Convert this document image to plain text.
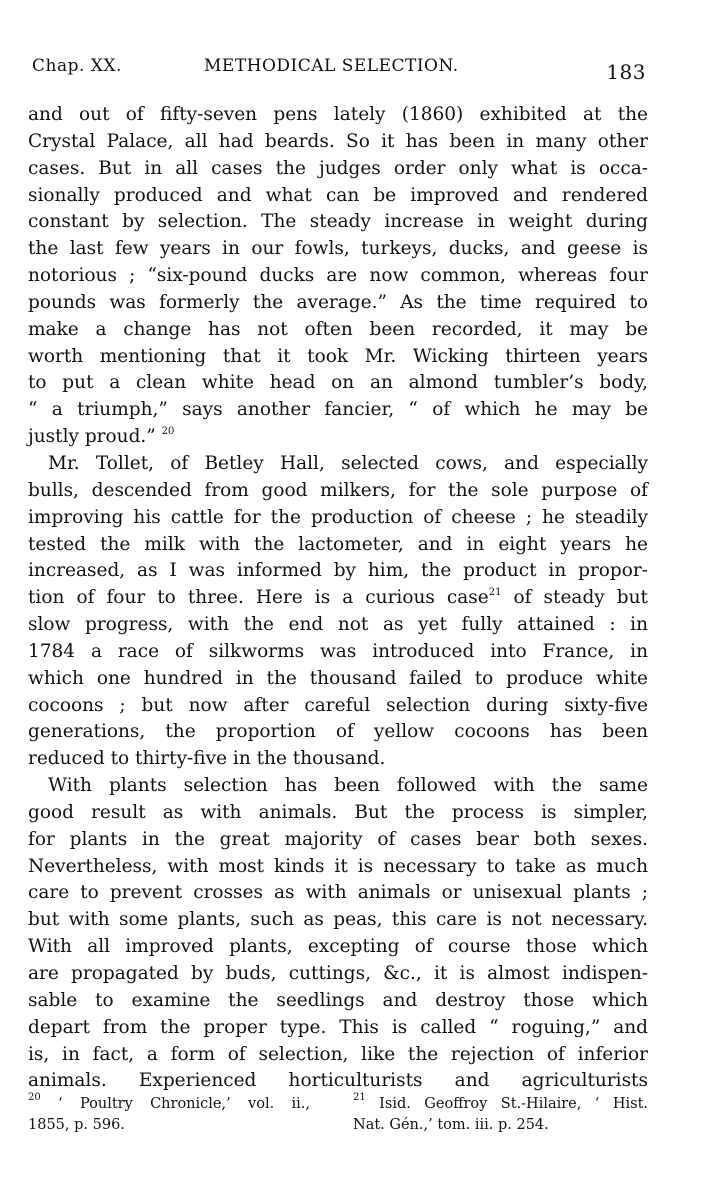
Chap. XX.	METHODICAL SELECTION.	183
and out of fifty-seven pens lately (1860) exhibited at the
Crystal Palace, all had beards. So it has been in many other
cases. But in all cases the judges order only what is occa-
sionally produced and what can be improved and rendered
constant by selection. The steady increase in weight during
the last few years in our fowls, turkeys, ducks, and geese is
notorious ; “six-pound ducks are now common, whereas four
pounds was formerly the average.” As the time required to
make a change has not often been recorded, it may be
worth mentioning that it took Mr. Wicking thirteen years
to put a clean white head on an almond tumbler’s body,
“ a triumph,” says another fancier, “ of which he may be
justly proud.” $^{20}$
Mr. Tollet, of Betley Hall, selected cows, and especially
bulls, descended from good milkers, for the sole purpose of
improving his cattle for the production of cheese ; he steadily
tested the milk with the lactometer, and in eight years he
increased, as I was informed by him, the product in propor-
tion of four to three. Here is a curious case$^{21}$ of steady but
slow progress, with the end not as yet fully attained : in
1784 a race of silkworms was introduced into France, in
which one hundred in the thousand failed to produce white
cocoons ; but now after careful selection during sixty-five
generations, the proportion of yellow cocoons has been
reduced to thirty-five in the thousand.
With plants selection has been followed with the same
good result as with animals. But the process is simpler,
for plants in the great majority of cases bear both sexes.
Nevertheless, with most kinds it is necessary to take as much
care to prevent crosses as with animals or unisexual plants ;
but with some plants, such as peas, this care is not necessary.
With all improved plants, excepting of course those which
are propagated by buds, cuttings, &c., it is almost indispen-
sable to examine the seedlings and destroy those which
depart from the proper type. This is called “ roguing,” and
is, in fact, a form of selection, like the rejection of inferior
animals. Experienced horticulturists and agriculturists
$^{20}$ ‘ Poultry Chronicle,’ vol. ii.,
1855, p. 596.
$^{21}$ Isid. Geoffroy St.-Hilaire, ‘ Hist.
Nat. Gén.,’ tom. iii. p. 254.
